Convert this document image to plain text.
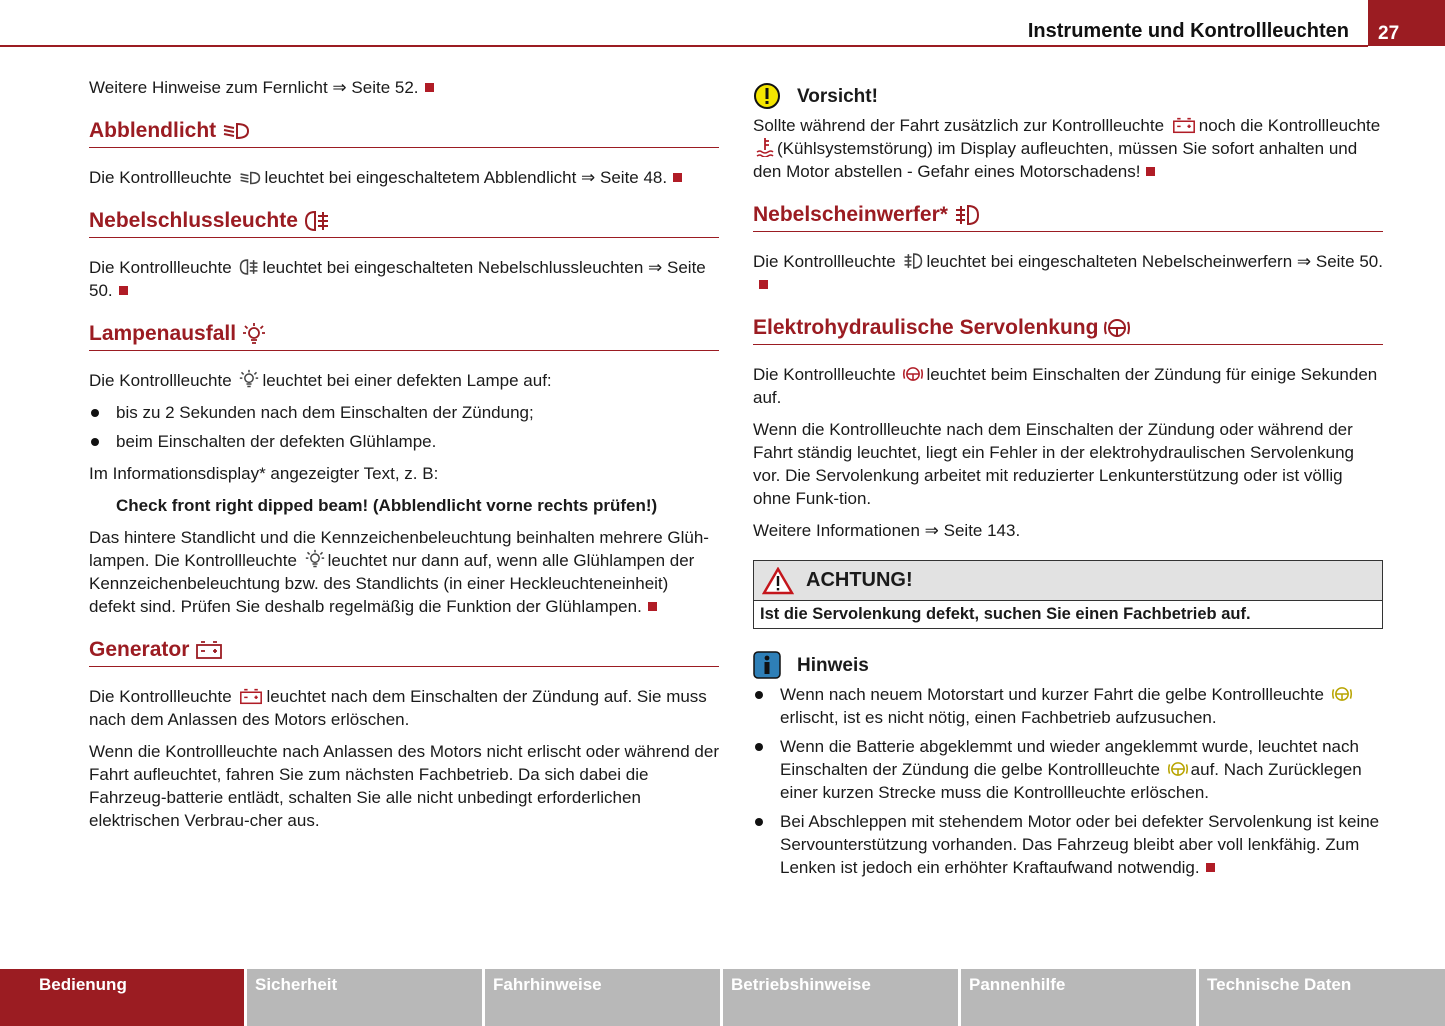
Instrumente und Kontrollleuchten	27

Weitere Hinweise zum Fernlicht ⇒ Seite 52.

Abblendlicht

Die Kontrollleuchte leuchtet bei eingeschaltetem Abblendlicht ⇒ Seite 48.

Nebelschlussleuchte

Die Kontrollleuchte leuchtet bei eingeschalteten Nebelschlussleuchten ⇒ Seite 50.

Lampenausfall

Die Kontrollleuchte leuchtet bei einer defekten Lampe auf:

bis zu 2 Sekunden nach dem Einschalten der Zündung;
beim Einschalten der defekten Glühlampe.

Im Informationsdisplay* angezeigter Text, z. B:

Check front right dipped beam! (Abblendlicht vorne rechts prüfen!)

Das hintere Standlicht und die Kennzeichenbeleuchtung beinhalten mehrere Glüh-lampen. Die Kontrollleuchte leuchtet nur dann auf, wenn alle Glühlampen der Kennzeichenbeleuchtung bzw. des Standlichts (in einer Heckleuchteneinheit) defekt sind. Prüfen Sie deshalb regelmäßig die Funktion der Glühlampen.

Generator

Die Kontrollleuchte leuchtet nach dem Einschalten der Zündung auf. Sie muss nach dem Anlassen des Motors erlöschen.

Wenn die Kontrollleuchte nach Anlassen des Motors nicht erlischt oder während der Fahrt aufleuchtet, fahren Sie zum nächsten Fachbetrieb. Da sich dabei die Fahrzeug-batterie entlädt, schalten Sie alle nicht unbedingt erforderlichen elektrischen Verbrau-cher aus.

Vorsicht!

Sollte während der Fahrt zusätzlich zur Kontrollleuchte noch die Kontrollleuchte (Kühlsystemstörung) im Display aufleuchten, müssen Sie sofort anhalten und den Motor abstellen - Gefahr eines Motorschadens!

Nebelscheinwerfer*

Die Kontrollleuchte leuchtet bei eingeschalteten Nebelscheinwerfern ⇒ Seite 50.

Elektrohydraulische Servolenkung

Die Kontrollleuchte leuchtet beim Einschalten der Zündung für einige Sekunden auf.

Wenn die Kontrollleuchte nach dem Einschalten der Zündung oder während der Fahrt ständig leuchtet, liegt ein Fehler in der elektrohydraulischen Servolenkung vor. Die Servolenkung arbeitet mit reduzierter Lenkunterstützung oder ist völlig ohne Funk-tion.

Weitere Informationen ⇒ Seite 143.

ACHTUNG!
Ist die Servolenkung defekt, suchen Sie einen Fachbetrieb auf.
Hinweis
Wenn nach neuem Motorstart und kurzer Fahrt die gelbe Kontrollleuchte erlischt, ist es nicht nötig, einen Fachbetrieb aufzusuchen.
Wenn die Batterie abgeklemmt und wieder angeklemmt wurde, leuchtet nach Einschalten der Zündung die gelbe Kontrollleuchte auf. Nach Zurücklegen einer kurzen Strecke muss die Kontrollleuchte erlöschen.
Bei Abschleppen mit stehendem Motor oder bei defekter Servolenkung ist keine Servounterstützung vorhanden. Das Fahrzeug bleibt aber voll lenkfähig. Zum Lenken ist jedoch ein erhöhter Kraftaufwand notwendig.
Bedienung	Sicherheit	Fahrhinweise	Betriebshinweise	Pannenhilfe	Technische Daten
